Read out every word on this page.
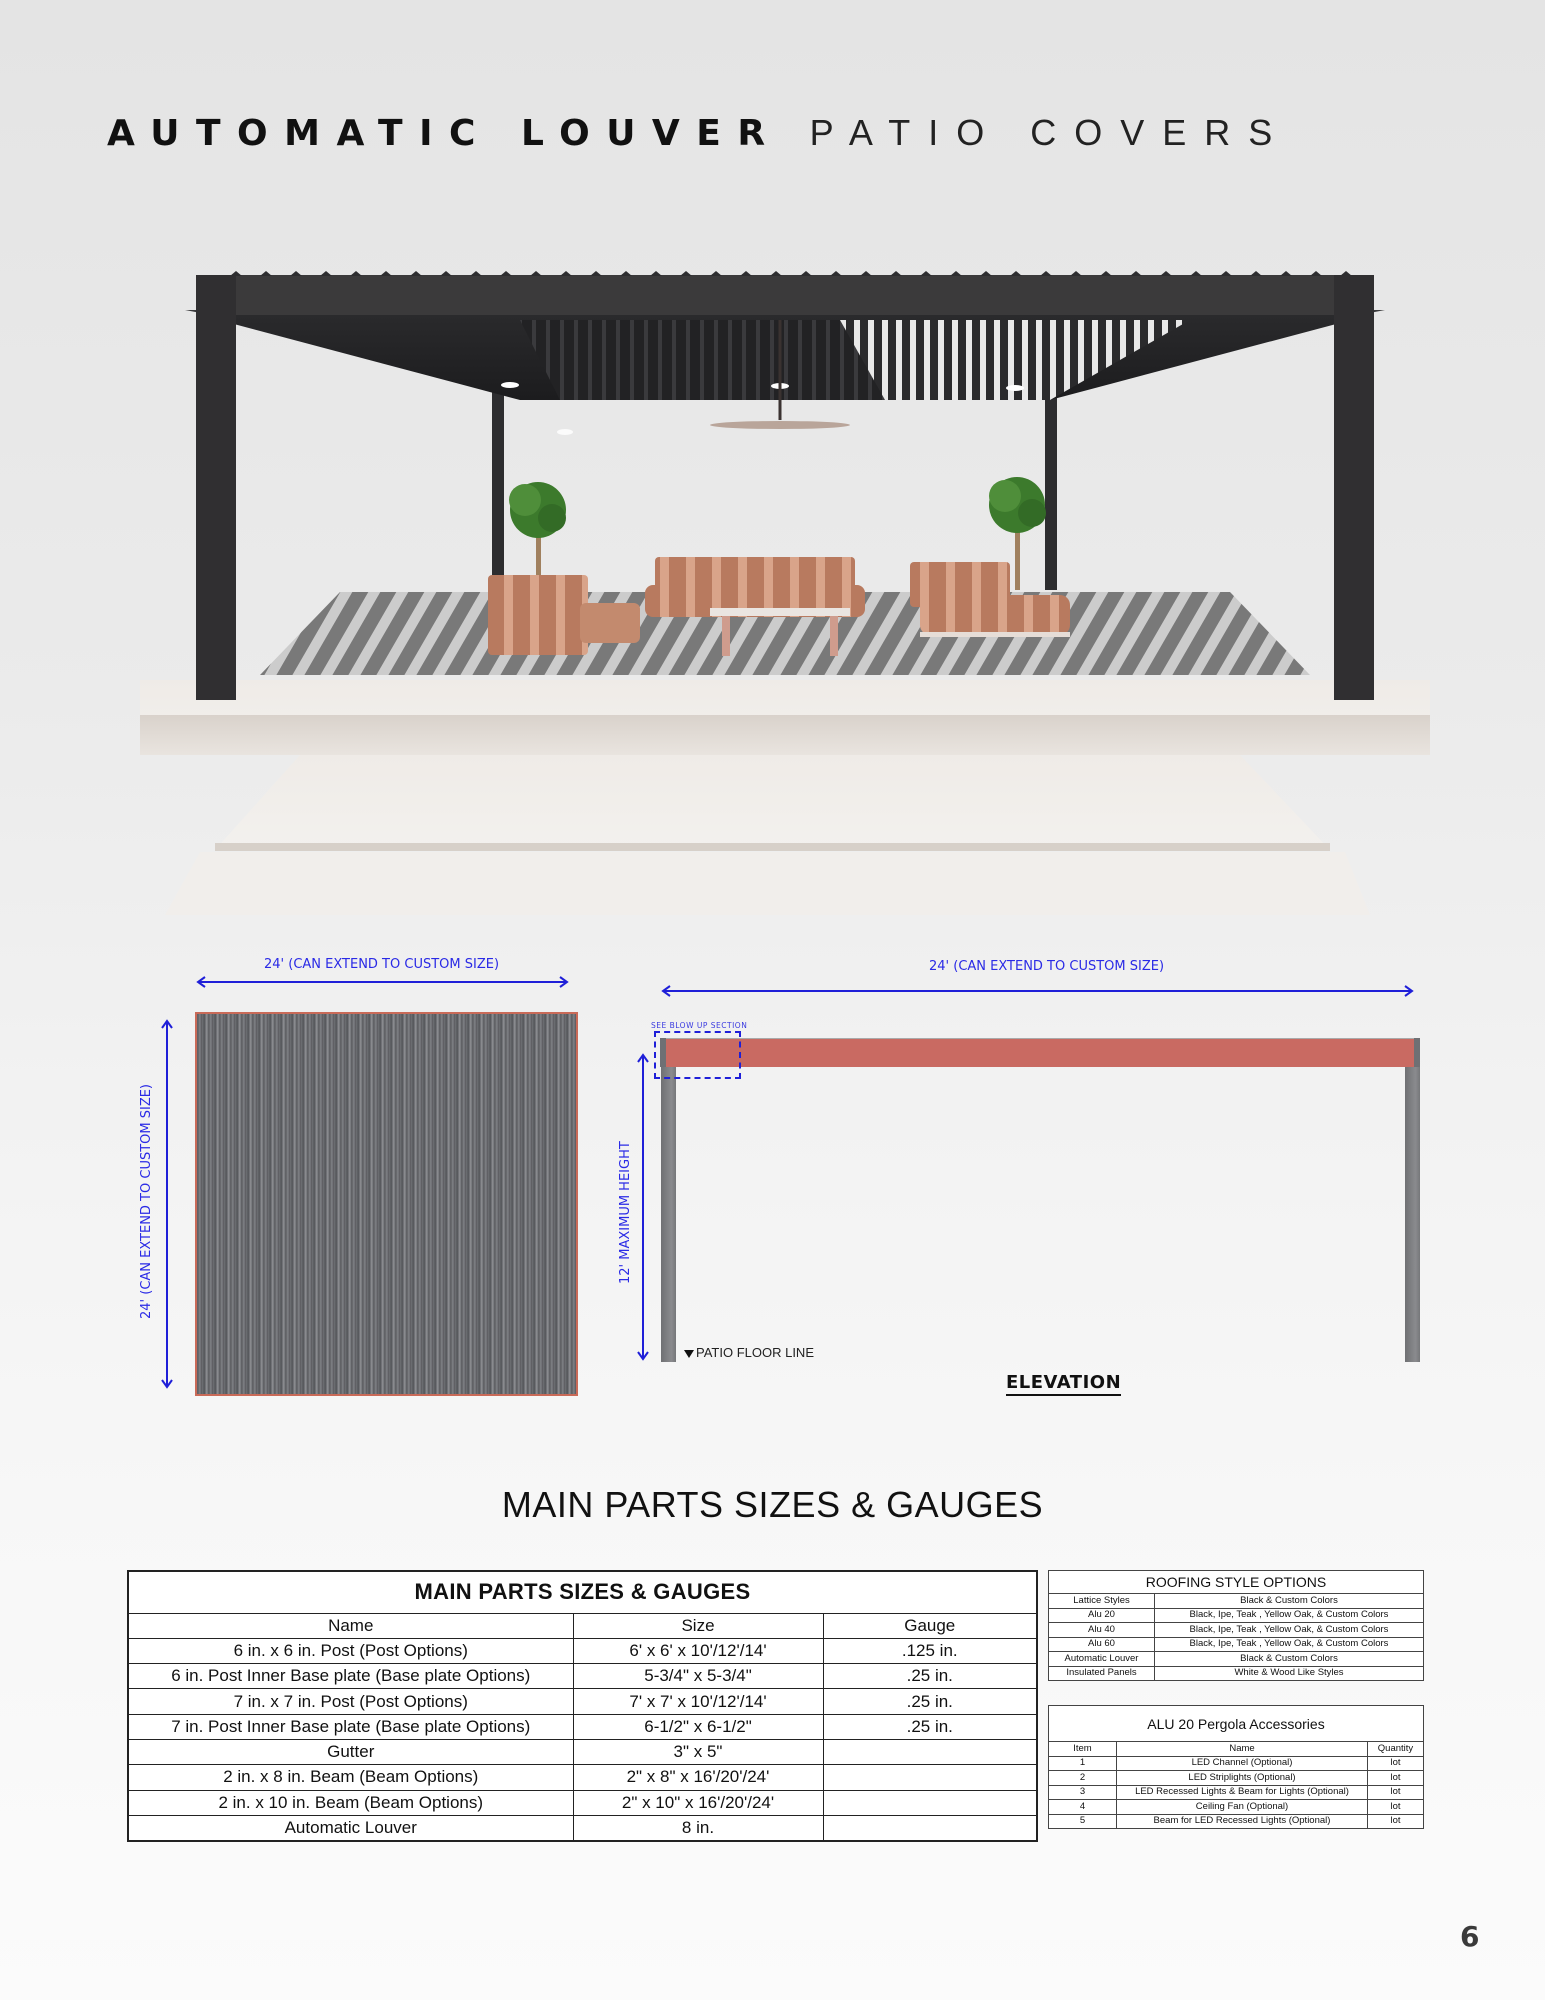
AUTOMATIC LOUVER PATIO COVERS
24' (CAN EXTEND TO CUSTOM SIZE)
24' (CAN EXTEND TO CUSTOM SIZE)
24' (CAN EXTEND TO CUSTOM SIZE)
SEE BLOW UP SECTION
12' MAXIMUM HEIGHT
PATIO FLOOR LINE
ELEVATION
MAIN PARTS SIZES & GAUGES
MAIN PARTS SIZES & GAUGES		
Name	Size	Gauge
6 in. x 6 in. Post (Post Options)	6' x 6' x 10'/12'/14'	.125 in.
6 in. Post Inner Base plate (Base plate Options)	5-3/4" x 5-3/4"	.25 in.
7 in. x 7 in. Post (Post Options)	7' x 7' x 10'/12'/14'	.25 in.
7 in. Post Inner Base plate (Base plate Options)	6-1/2" x 6-1/2"	.25 in.
Gutter	3" x 5"	
2 in. x 8 in. Beam (Beam Options)	2" x 8" x 16'/20'/24'	
2 in. x 10 in. Beam (Beam Options)	2" x 10" x 16'/20'/24'	
Automatic Louver	8 in.	
ROOFING STYLE OPTIONS	
Lattice Styles	Black & Custom Colors
Alu 20	Black, Ipe, Teak , Yellow Oak, & Custom Colors
Alu 40	Black, Ipe, Teak , Yellow Oak, & Custom Colors
Alu 60	Black, Ipe, Teak , Yellow Oak, & Custom Colors
Automatic Louver	Black & Custom Colors
Insulated Panels	White & Wood Like Styles
ALU 20 Pergola Accessories		
Item	Name	Quantity
1	LED Channel (Optional)	lot
2	LED Striplights (Optional)	lot
3	LED Recessed Lights & Beam for Lights (Optional)	lot
4	Ceiling Fan (Optional)	lot
5	Beam for LED Recessed Lights (Optional)	lot
6
